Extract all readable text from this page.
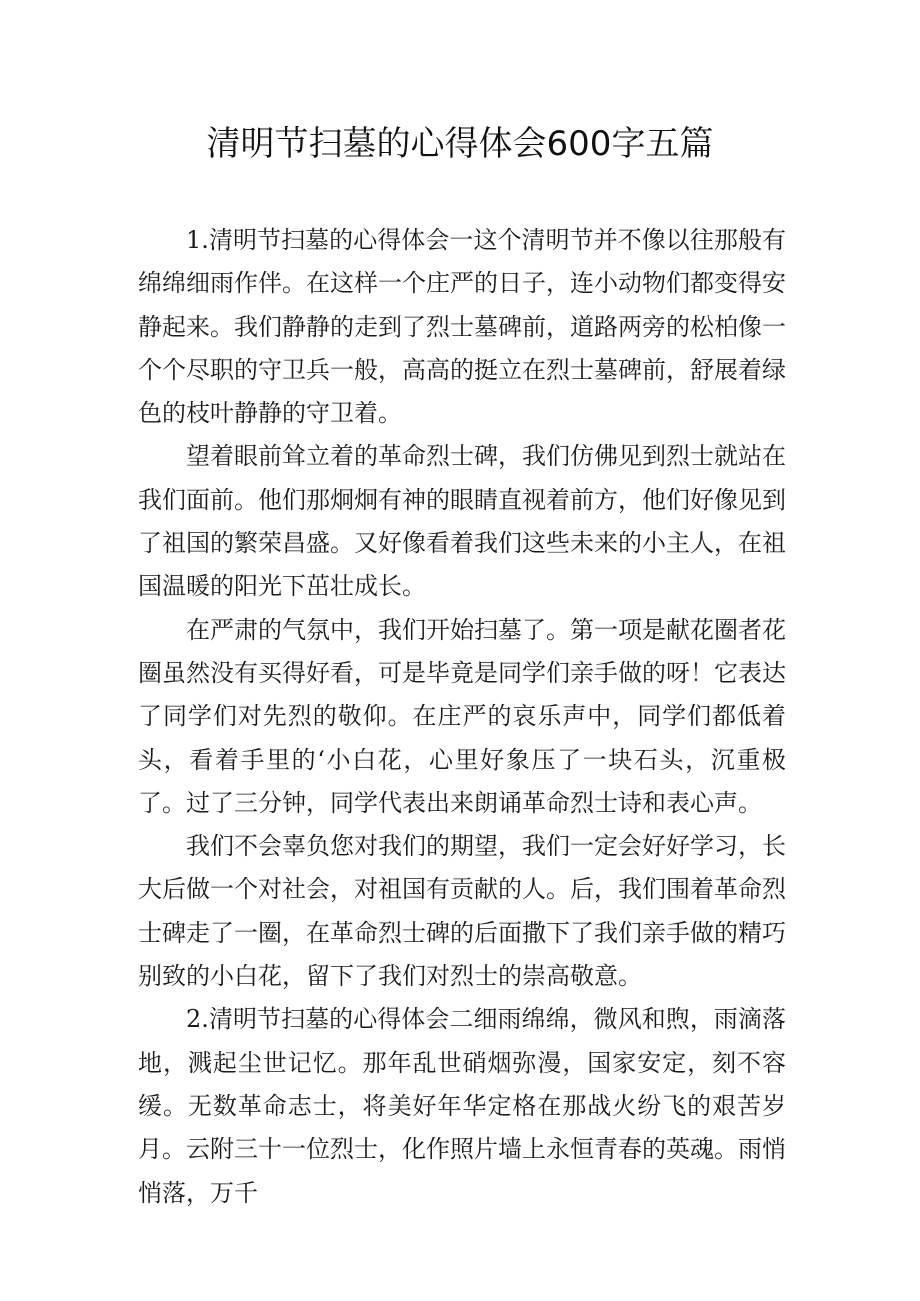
清明节扫墓的心得体会600字五篇

1.清明节扫墓的心得体会一这个清明节并不像以往那般有绵绵细雨作伴。在这样一个庄严的日子，连小动物们都变得安静起来。我们静静的走到了烈士墓碑前，道路两旁的松柏像一个个尽职的守卫兵一般，高高的挺立在烈士墓碑前，舒展着绿色的枝叶静静的守卫着。

望着眼前耸立着的革命烈士碑，我们仿佛见到烈士就站在我们面前。他们那炯炯有神的眼睛直视着前方，他们好像见到了祖国的繁荣昌盛。又好像看着我们这些未来的小主人，在祖国温暖的阳光下茁壮成长。

在严肃的气氛中，我们开始扫墓了。第一项是献花圈者花圈虽然没有买得好看，可是毕竟是同学们亲手做的呀！它表达了同学们对先烈的敬仰。在庄严的哀乐声中，同学们都低着头，看着手里的‘小白花，心里好象压了一块石头，沉重极了。过了三分钟，同学代表出来朗诵革命烈士诗和表心声。

我们不会辜负您对我们的期望，我们一定会好好学习，长大后做一个对社会，对祖国有贡献的人。后，我们围着革命烈士碑走了一圈，在革命烈士碑的后面撒下了我们亲手做的精巧别致的小白花，留下了我们对烈士的崇高敬意。

2.清明节扫墓的心得体会二细雨绵绵，微风和煦，雨滴落地，溅起尘世记忆。那年乱世硝烟弥漫，国家安定，刻不容缓。无数革命志士，将美好年华定格在那战火纷飞的艰苦岁月。云附三十一位烈士，化作照片墙上永恒青春的英魂。雨悄悄落，万千
